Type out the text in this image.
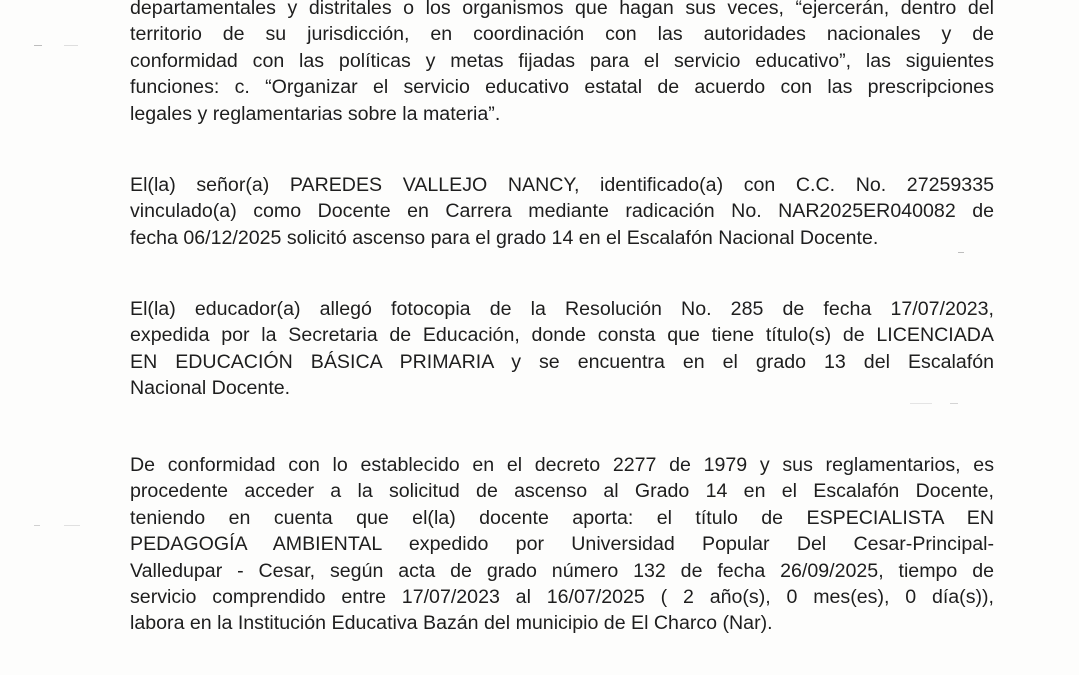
departamentales y distritales o los organismos que hagan sus veces, “ejercerán, dentro del
territorio de su jurisdicción, en coordinación con las autoridades nacionales y de
conformidad con las políticas y metas fijadas para el servicio educativo”, las siguientes
funciones: c. “Organizar el servicio educativo estatal de acuerdo con las prescripciones
legales y reglamentarias sobre la materia”.
El(la) señor(a) PAREDES VALLEJO NANCY, identificado(a) con C.C. No. 27259335
vinculado(a) como Docente en Carrera mediante radicación No. NAR2025ER040082 de
fecha 06/12/2025 solicitó ascenso para el grado 14 en el Escalafón Nacional Docente.
El(la) educador(a) allegó fotocopia de la Resolución No. 285 de fecha 17/07/2023,
expedida por la Secretaria de Educación, donde consta que tiene título(s) de LICENCIADA
EN EDUCACIÓN BÁSICA PRIMARIA y se encuentra en el grado 13 del Escalafón
Nacional Docente.
De conformidad con lo establecido en el decreto 2277 de 1979 y sus reglamentarios, es
procedente acceder a la solicitud de ascenso al Grado 14 en el Escalafón Docente,
teniendo en cuenta que el(la) docente aporta: el título de ESPECIALISTA EN
PEDAGOGÍA AMBIENTAL expedido por Universidad Popular Del Cesar-Principal-
Valledupar - Cesar, según acta de grado número 132 de fecha 26/09/2025, tiempo de
servicio comprendido entre 17/07/2023 al 16/07/2025 ( 2 año(s), 0 mes(es), 0 día(s)),
labora en la Institución Educativa Bazán del municipio de El Charco (Nar).
